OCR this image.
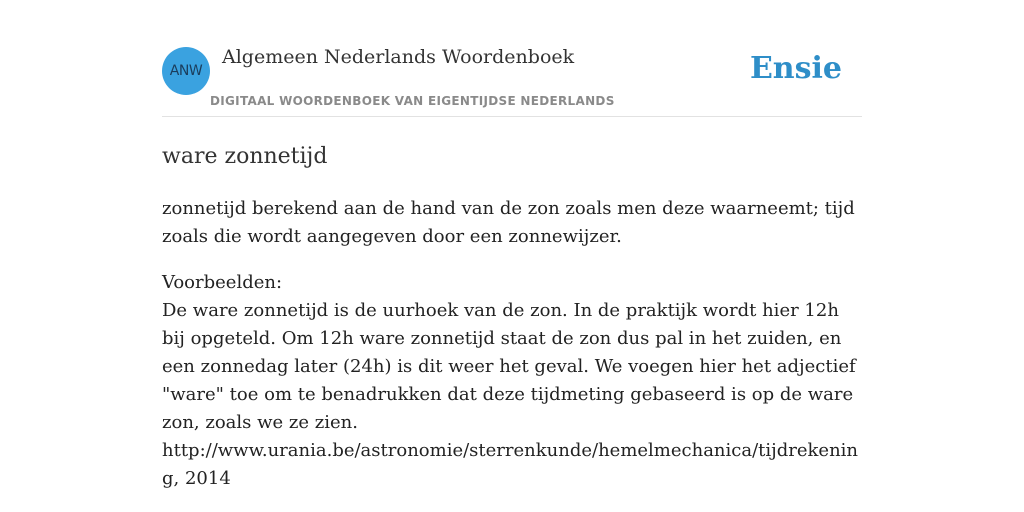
ANW
Algemeen Nederlands Woordenboek
DIGITAAL WOORDENBOEK VAN EIGENTIJDSE NEDERLANDS
Ensie
ware zonnetijd

zonnetijd berekend aan de hand van de zon zoals men deze waarneemt; tijd zoals die wordt aangegeven door een zonnewijzer.

Voorbeelden:
De ware zonnetijd is de uurhoek van de zon. In de praktijk wordt hier 12h bij opgeteld. Om 12h ware zonnetijd staat de zon dus pal in het zuiden, en een zonnedag later (24h) is dit weer het geval. We voegen hier het adjectief "ware" toe om te benadrukken dat deze tijdmeting gebaseerd is op de ware zon, zoals we ze zien.
http://www.urania.be/astronomie/sterrenkunde/hemelmechanica/tijdrekening, 2014
